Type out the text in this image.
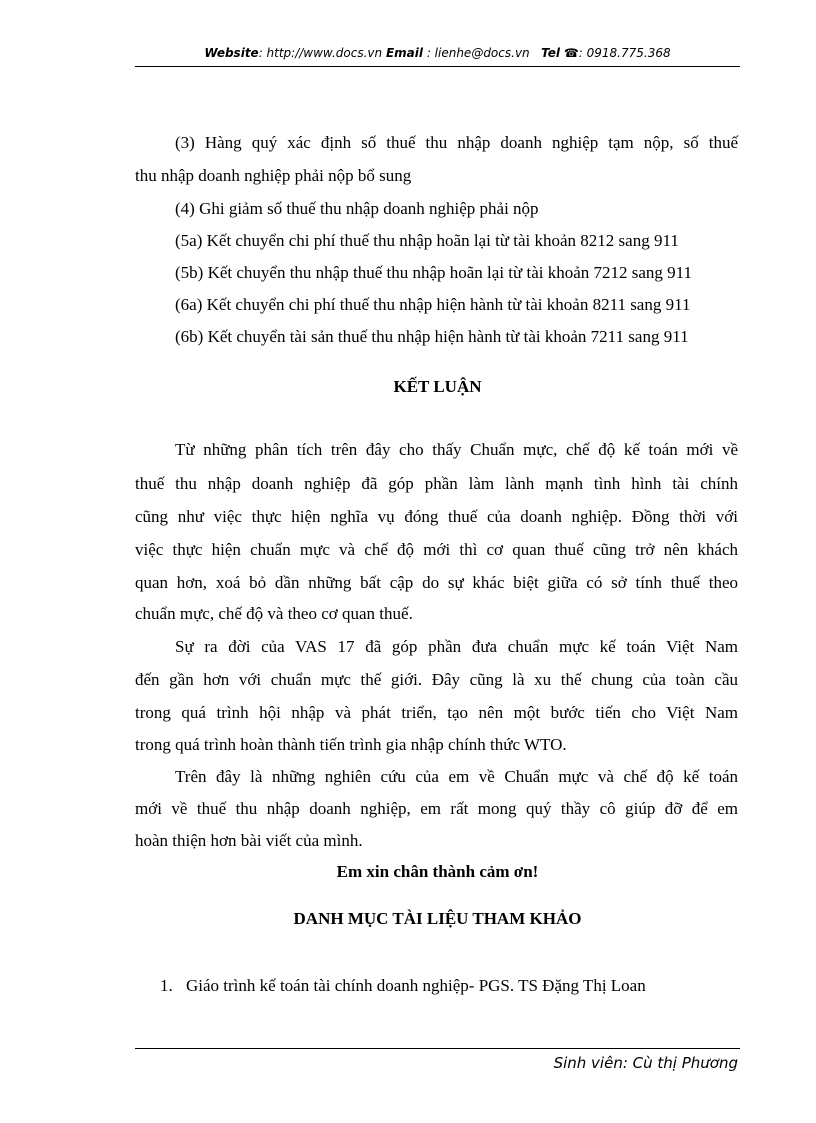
Website: http://www.docs.vn Email : lienhe@docs.vn Tel ☎: 0918.775.368
(3) Hàng quý xác định số thuế thu nhập doanh nghiệp tạm nộp, số thuế
thu nhập doanh nghiệp phải nộp bổ sung
(4) Ghi giảm số thuế thu nhập doanh nghiệp phải nộp
(5a) Kết chuyển chi phí thuế thu nhập hoãn lại từ tài khoản 8212 sang 911
(5b) Kết chuyển thu nhập thuế thu nhập hoãn lại từ tài khoản 7212 sang 911
(6a) Kết chuyển chi phí thuế thu nhập hiện hành từ tài khoản 8211 sang 911
(6b) Kết chuyển tài sản thuế thu nhập hiện hành từ tài khoản 7211 sang 911
KẾT LUẬN
Từ những phân tích trên đây cho thấy Chuẩn mực, chế độ kế toán mới về
thuế thu nhập doanh nghiệp đã góp phần làm lành mạnh tình hình tài chính
cũng như việc thực hiện nghĩa vụ đóng thuế của doanh nghiệp. Đồng thời với
việc thực hiện chuẩn mực và chế độ mới thì cơ quan thuế cũng trở nên khách
quan hơn, xoá bỏ dần những bất cập do sự khác biệt giữa có sở tính thuế theo
chuẩn mực, chế độ và theo cơ quan thuế.
Sự ra đời của VAS 17 đã góp phần đưa chuẩn mực kế toán Việt Nam
đến gần hơn với chuẩn mực thế giới. Đây cũng là xu thế chung của toàn cầu
trong quá trình hội nhập và phát triển, tạo nên một bước tiến cho Việt Nam
trong quá trình hoàn thành tiến trình gia nhập chính thức WTO.
Trên đây là những nghiên cứu của em về Chuẩn mực và chế độ kế toán
mới về thuế thu nhập doanh nghiệp, em rất mong quý thầy cô giúp đỡ để em
hoàn thiện hơn bài viết của mình.
Em xin chân thành cảm ơn!
DANH MỤC TÀI LIỆU THAM KHẢO
1. Giáo trình kế toán tài chính doanh nghiệp- PGS. TS Đặng Thị Loan
Sinh viên: Cù thị Phương
